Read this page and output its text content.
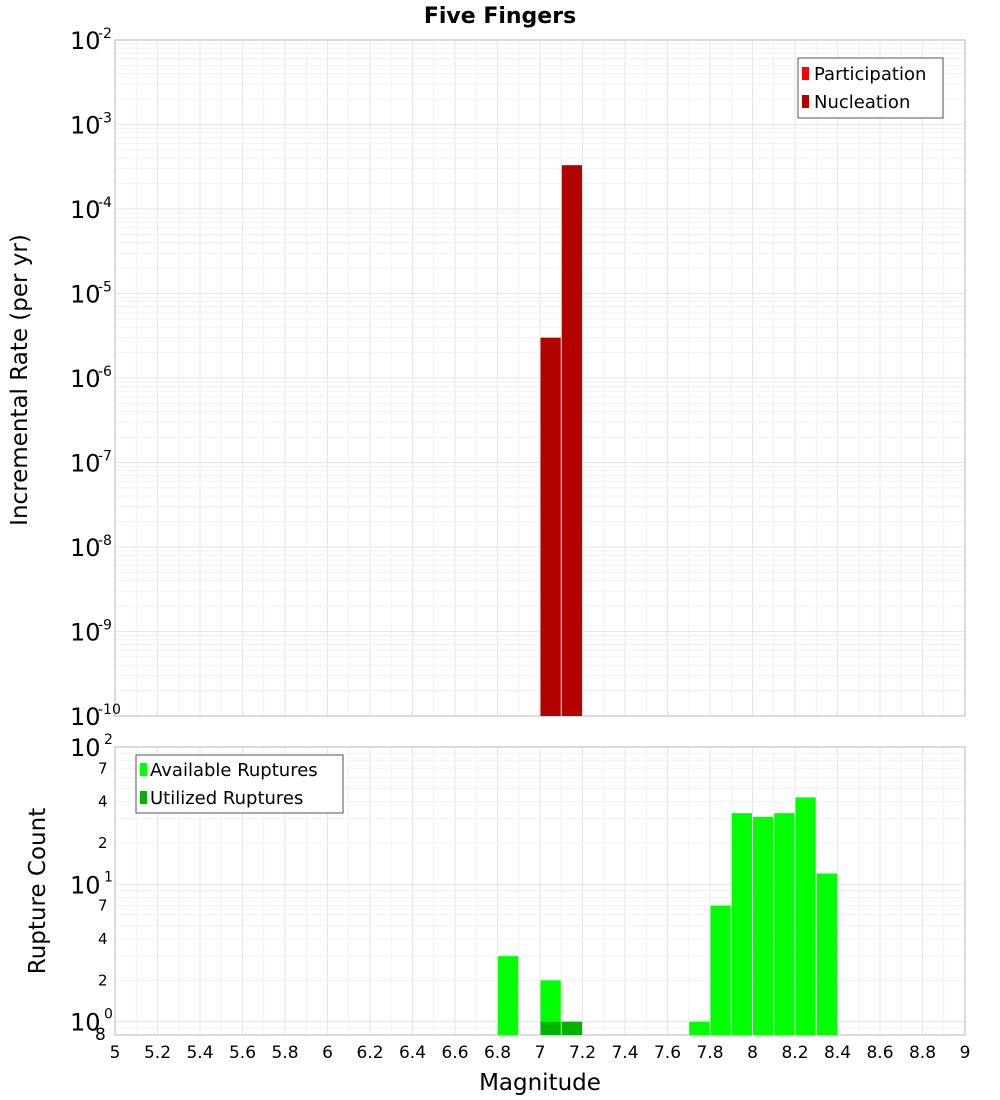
Five Fingers
10
-2
10
-3
10
-4
10
-5
10
-6
10
-7
10
-8
10
-9
10
-10
Incremental Rate (per yr)
Participation
Nucleation
10 2
10 1
10 0
7
4
2
7
4
2
8
5 5.2 5.4 5.6 5.8 6 6.2 6.4 6.6 6.8 7 7.2 7.4 7.6 7.8 8 8.2 8.4 8.6 8.8 9
Rupture Count
Magnitude
Available Ruptures
Utilized Ruptures
